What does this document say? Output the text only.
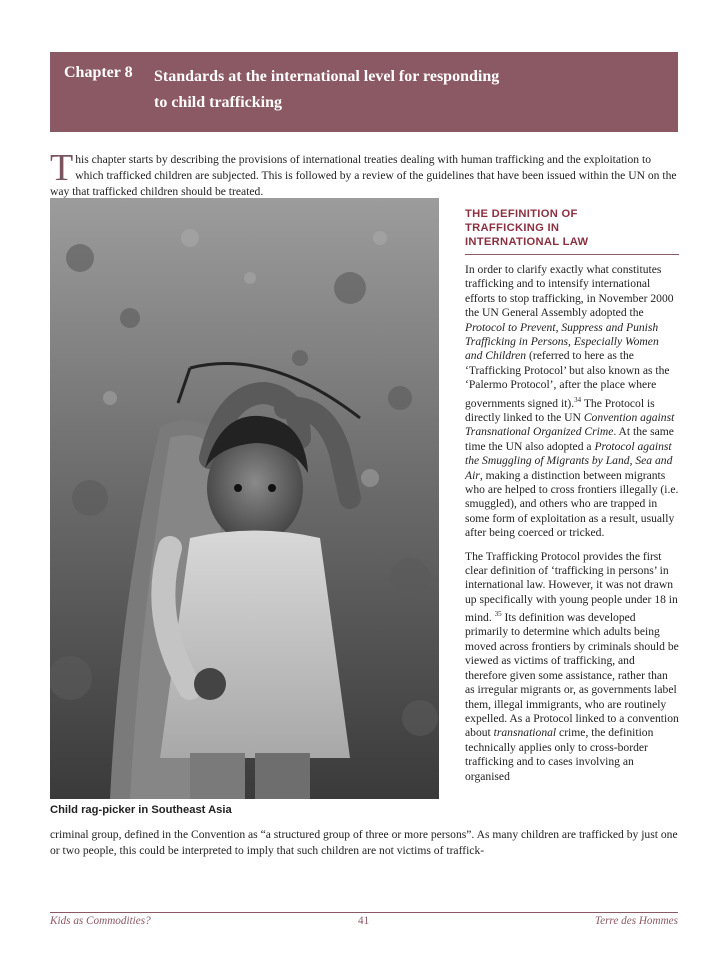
Chapter 8 Standards at the international level for responding
to child trafficking
T his chapter starts by describing the provisions of international treaties dealing with human trafficking and the exploitation to which trafficked children are subjected. This is followed by a review of the guidelines that have been issued within the UN on the way that trafficked children should be treated.
Child rag-picker in Southeast Asia
THE DEFINITION OF
TRAFFICKING IN
INTERNATIONAL LAW

In order to clarify exactly what constitutes trafficking and to intensify international efforts to stop trafficking, in November 2000 the UN General Assembly adopted the Protocol to Prevent, Suppress and Punish Trafficking in Persons, Especially Women and Children (referred to here as the ‘Trafficking Protocol’ but also known as the ‘Palermo Protocol’, after the place where governments signed it).$^{34}$ The Protocol is directly linked to the UN Convention against Transnational Organized Crime. At the same time the UN also adopted a Protocol against the Smuggling of Migrants by Land, Sea and Air, making a distinction between migrants who are helped to cross frontiers illegally (i.e. smuggled), and others who are trapped in some form of exploitation as a result, usually after being coerced or tricked.

The Trafficking Protocol provides the first clear definition of ‘trafficking in persons’ in international law. However, it was not drawn up specifically with young people under 18 in mind. $^{35}$ Its definition was developed primarily to determine which adults being moved across frontiers by criminals should be viewed as victims of trafficking, and therefore given some assistance, rather than as irregular migrants or, as governments label them, illegal immigrants, who are routinely expelled. As a Protocol linked to a convention about transnational crime, the definition technically applies only to cross-border trafficking and to cases involving an organised

criminal group, defined in the Convention as “a structured group of three or more persons”. As many children are trafficked by just one or two people, this could be interpreted to imply that such children are not victims of traffick-
Kids as Commodities?	41	Terre des Hommes
